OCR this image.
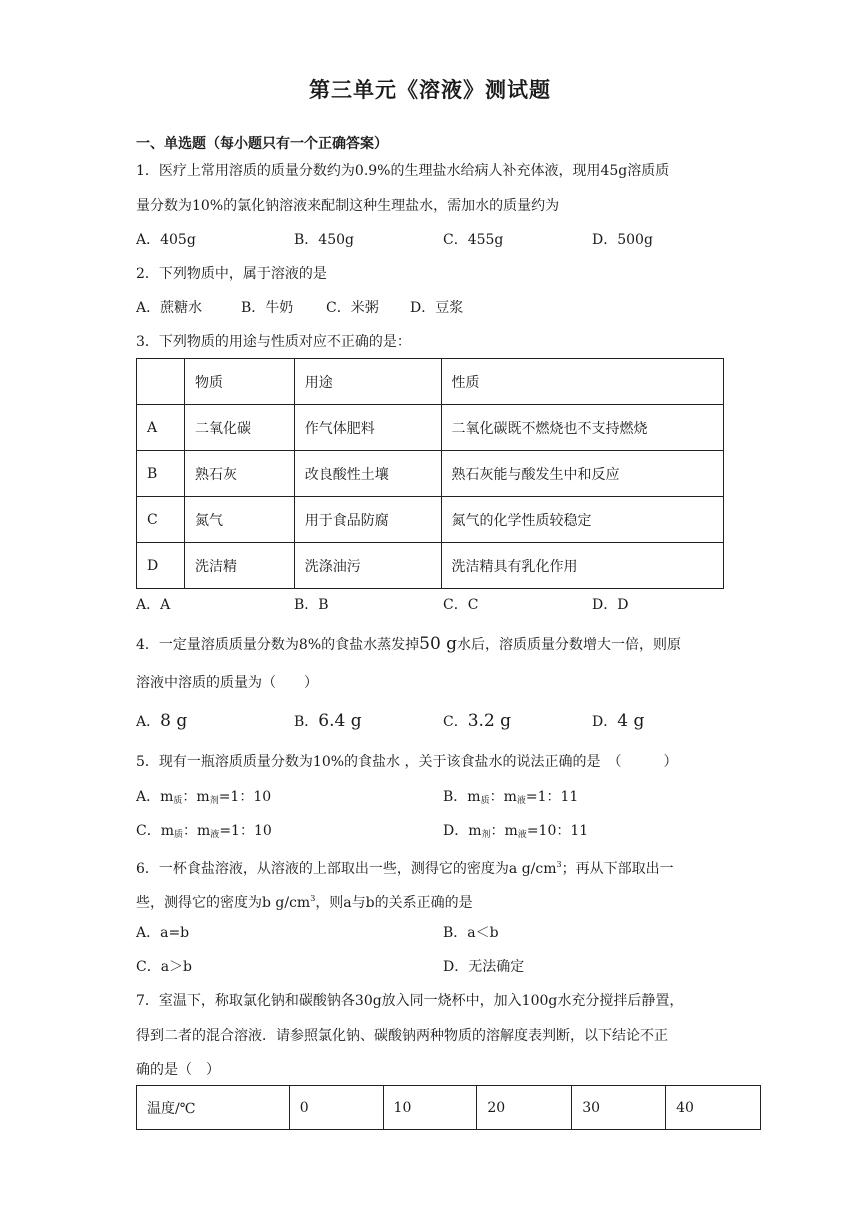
第三单元《溶液》测试题
一、单选题（每小题只有一个正确答案）
1．医疗上常用溶质的质量分数约为0.9%的生理盐水给病人补充体液，现用45g溶质质
量分数为10%的氯化钠溶液来配制这种生理盐水，需加水的质量约为
A．405g	B．450g	C．455g	D．500g
2．下列物质中，属于溶液的是
A．蔗糖水	B．牛奶 C．米粥 D．豆浆
3．下列物质的用途与性质对应不正确的是：
	物质	用途	性质
A	二氧化碳	作气体肥料	二氧化碳既不燃烧也不支持燃烧
B	熟石灰	改良酸性土壤	熟石灰能与酸发生中和反应
C	氮气	用于食品防腐	氮气的化学性质较稳定
D	洗洁精	洗涤油污	洗洁精具有乳化作用
A．A	B．B	C．C	D．D
4．一定量溶质质量分数为8%的食盐水蒸发掉50 g水后，溶质质量分数增大一倍，则原
溶液中溶质的质量为（　　）
A．8 g	B．6.4 g	C．3.2 g	D．4 g
5．现有一瓶溶质质量分数为10%的食盐水 ，关于该食盐水的说法正确的是　（　　　）
A．$m_质$：$m_剂=1$：10	B．$m_质$：$m_液=1$：11
C．$m_质$：$m_液=1$：10	D．$m_剂$：$m_液=10$：11
6．一杯食盐溶液，从溶液的上部取出一些，测得它的密度为a $g/cm^3$；再从下部取出一
些，测得它的密度为b $g/cm^3$，则a与b的关系正确的是
A．a=b	B．a＜b
C．a＞b	D．无法确定
7．室温下，称取氯化钠和碳酸钠各30g放入同一烧杯中，加入100g水充分搅拌后静置，
得到二者的混合溶液．请参照氯化钠、碳酸钠两种物质的溶解度表判断，以下结论不正
确的是（　）
温度/℃	0	10	20	30	40
